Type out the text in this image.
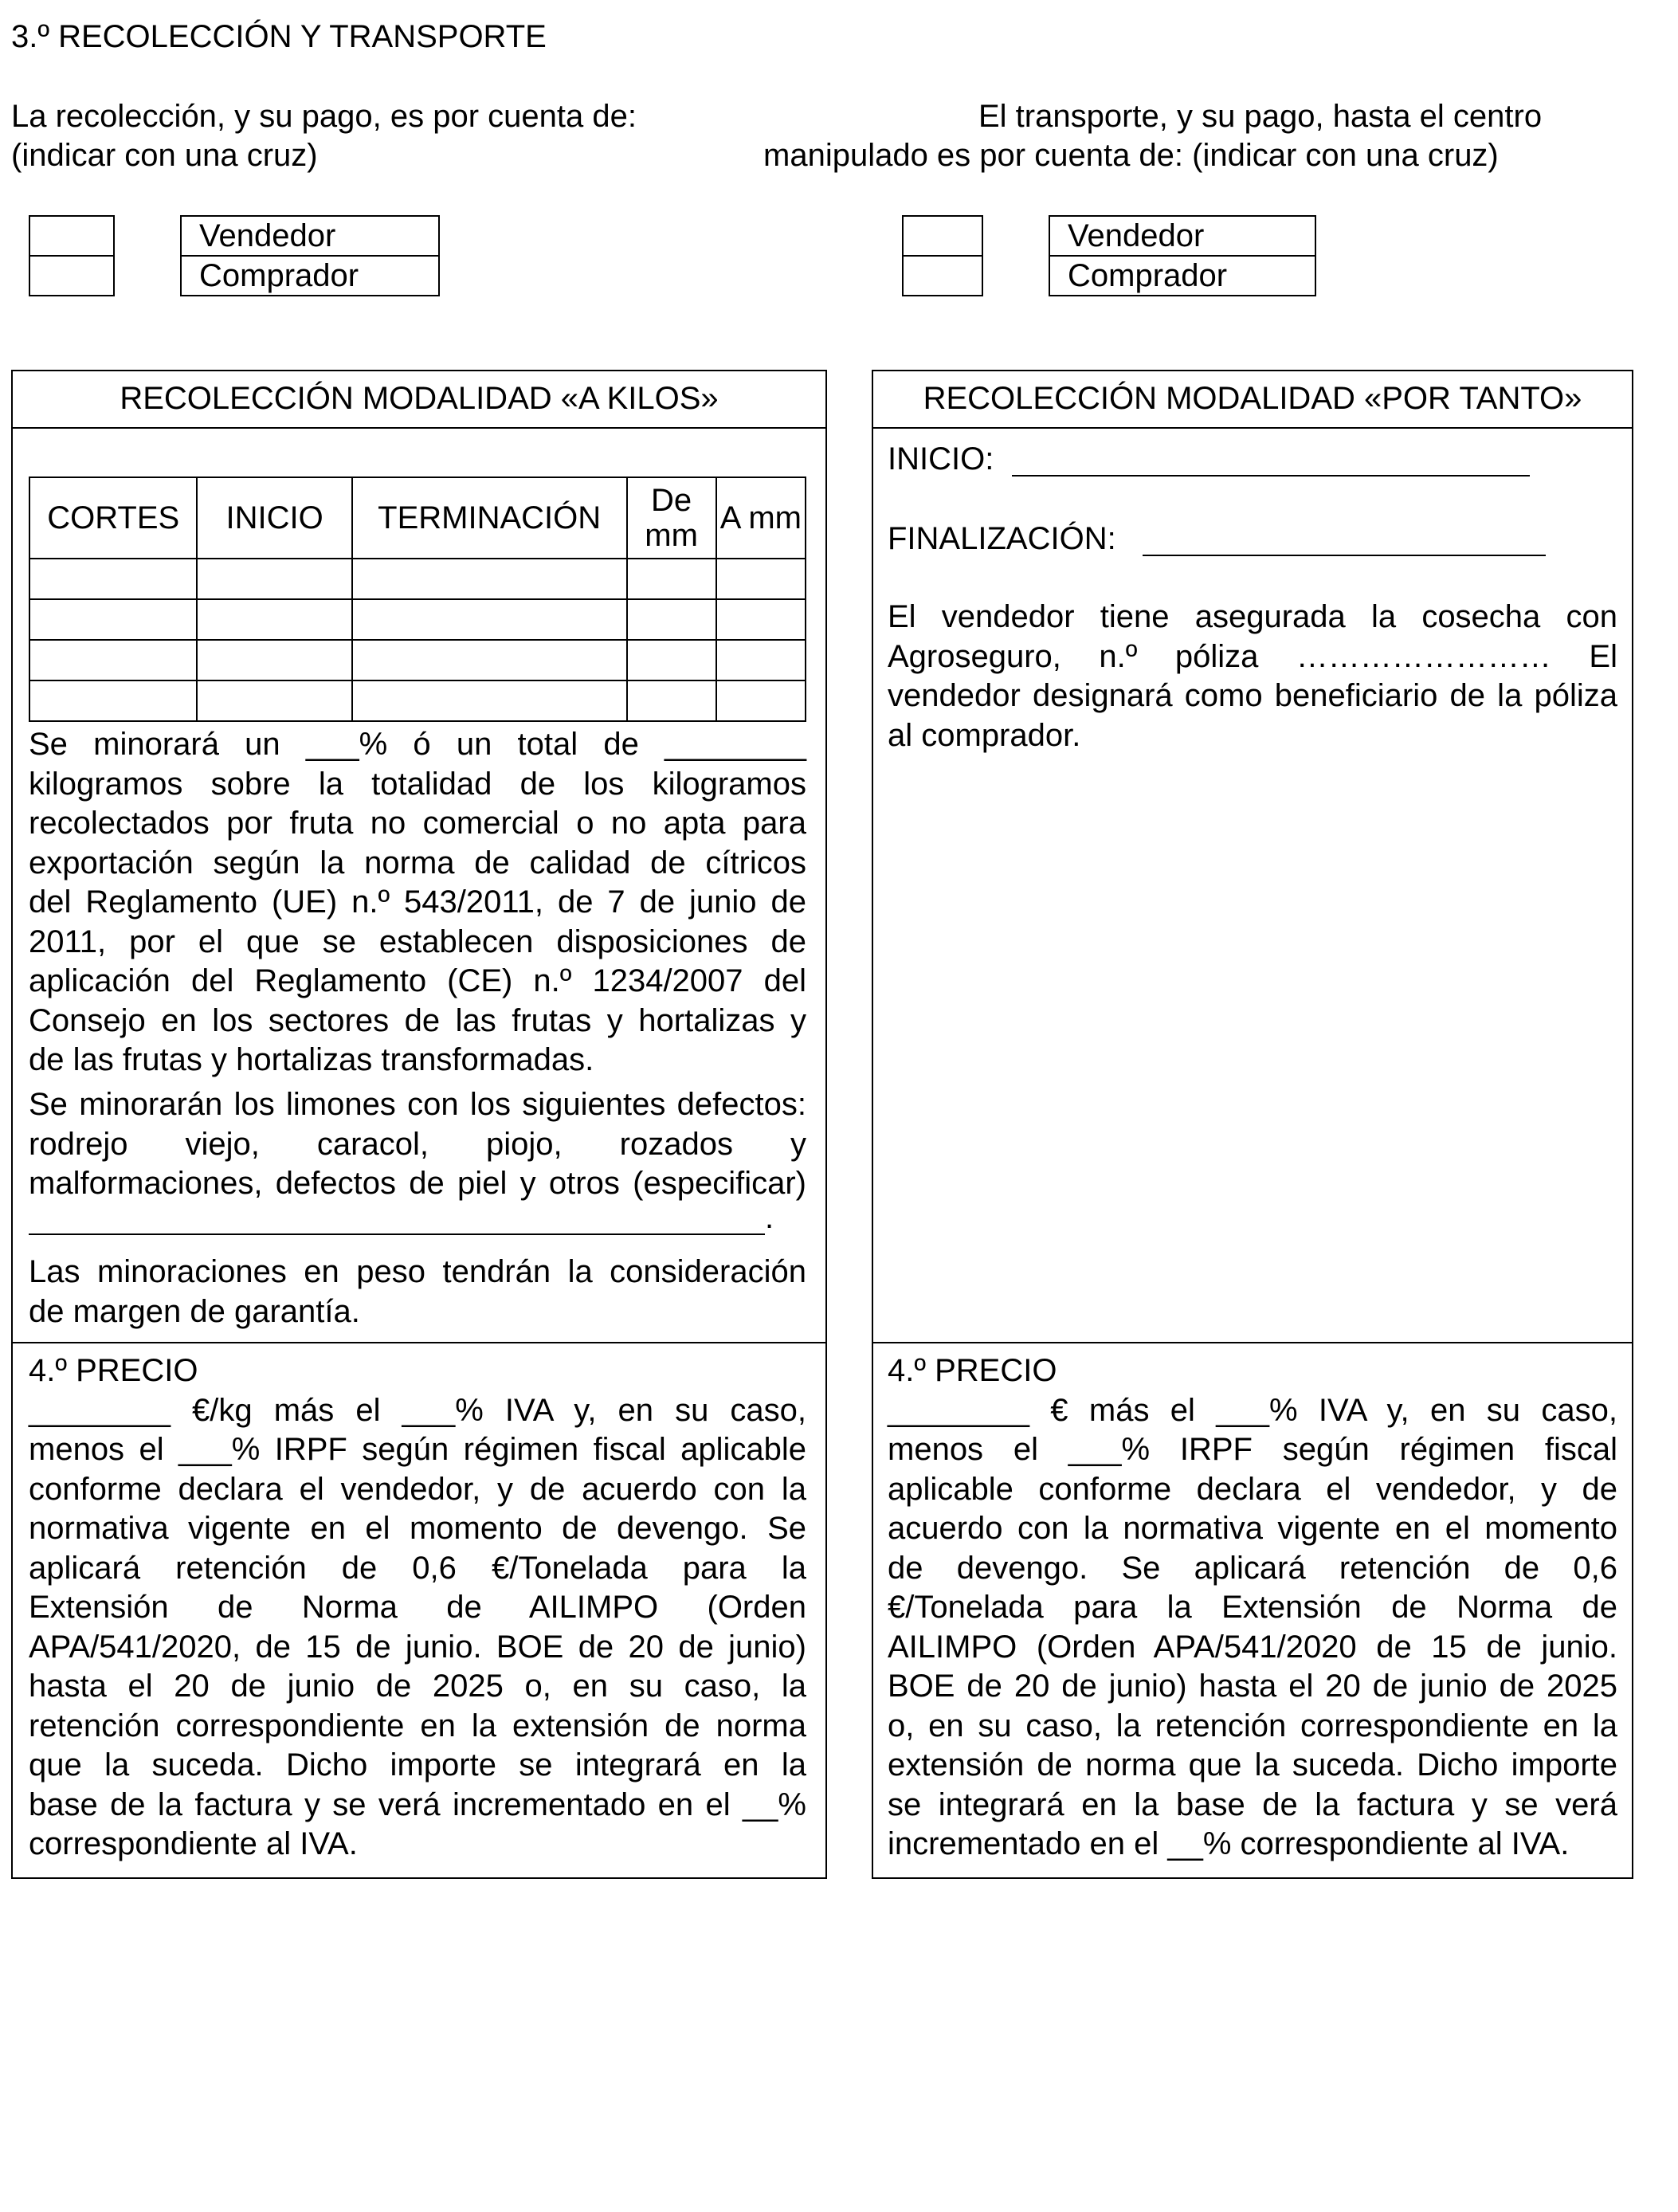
3.º RECOLECCIÓN Y TRANSPORTE
La recolección, y su pago, es por cuenta de:
(indicar con una cruz)
El transporte, y su pago, hasta el centro
manipulado es por cuenta de: (indicar con una cruz)
Vendedor
Comprador
Vendedor
Comprador
RECOLECCIÓN MODALIDAD «A KILOS»
CORTES	INICIO	TERMINACIÓN	De mm	A mm

Se minorará un ___% ó un total de ________
kilogramos sobre la totalidad de los kilogramos
recolectados por fruta no comercial o no apta para
exportación según la norma de calidad de cítricos
del Reglamento (UE) n.º 543/2011, de 7 de junio de
2011, por el que se establecen disposiciones de
aplicación del Reglamento (CE) n.º 1234/2007 del
Consejo en los sectores de las frutas y hortalizas y
de las frutas y hortalizas transformadas.
Se minorarán los limones con los siguientes defectos:
rodrejo viejo, caracol, piojo, rozados y
malformaciones, defectos de piel y otros (especificar)
.
Las minoraciones en peso tendrán la consideración
de margen de garantía.
RECOLECCIÓN MODALIDAD «POR TANTO»
INICIO:
FINALIZACIÓN:
El vendedor tiene asegurada la cosecha con
Agroseguro, n.º póliza …………………… El
vendedor designará como beneficiario de la póliza
al comprador.
4.º PRECIO
________ €/kg más el ___% IVA y, en su caso,
menos el ___% IRPF según régimen fiscal aplicable
conforme declara el vendedor, y de acuerdo con la
normativa vigente en el momento de devengo. Se
aplicará retención de 0,6 €/Tonelada para la
Extensión de Norma de AILIMPO (Orden
APA/541/2020, de 15 de junio. BOE de 20 de junio)
hasta el 20 de junio de 2025 o, en su caso, la
retención correspondiente en la extensión de norma
que la suceda. Dicho importe se integrará en la
base de la factura y se verá incrementado en el __%
correspondiente al IVA.
4.º PRECIO
________ € más el ___% IVA y, en su caso,
menos el ___% IRPF según régimen fiscal
aplicable conforme declara el vendedor, y de
acuerdo con la normativa vigente en el momento
de devengo. Se aplicará retención de 0,6
€/Tonelada para la Extensión de Norma de
AILIMPO (Orden APA/541/2020 de 15 de junio.
BOE de 20 de junio) hasta el 20 de junio de 2025
o, en su caso, la retención correspondiente en la
extensión de norma que la suceda. Dicho importe
se integrará en la base de la factura y se verá
incrementado en el __% correspondiente al IVA.
